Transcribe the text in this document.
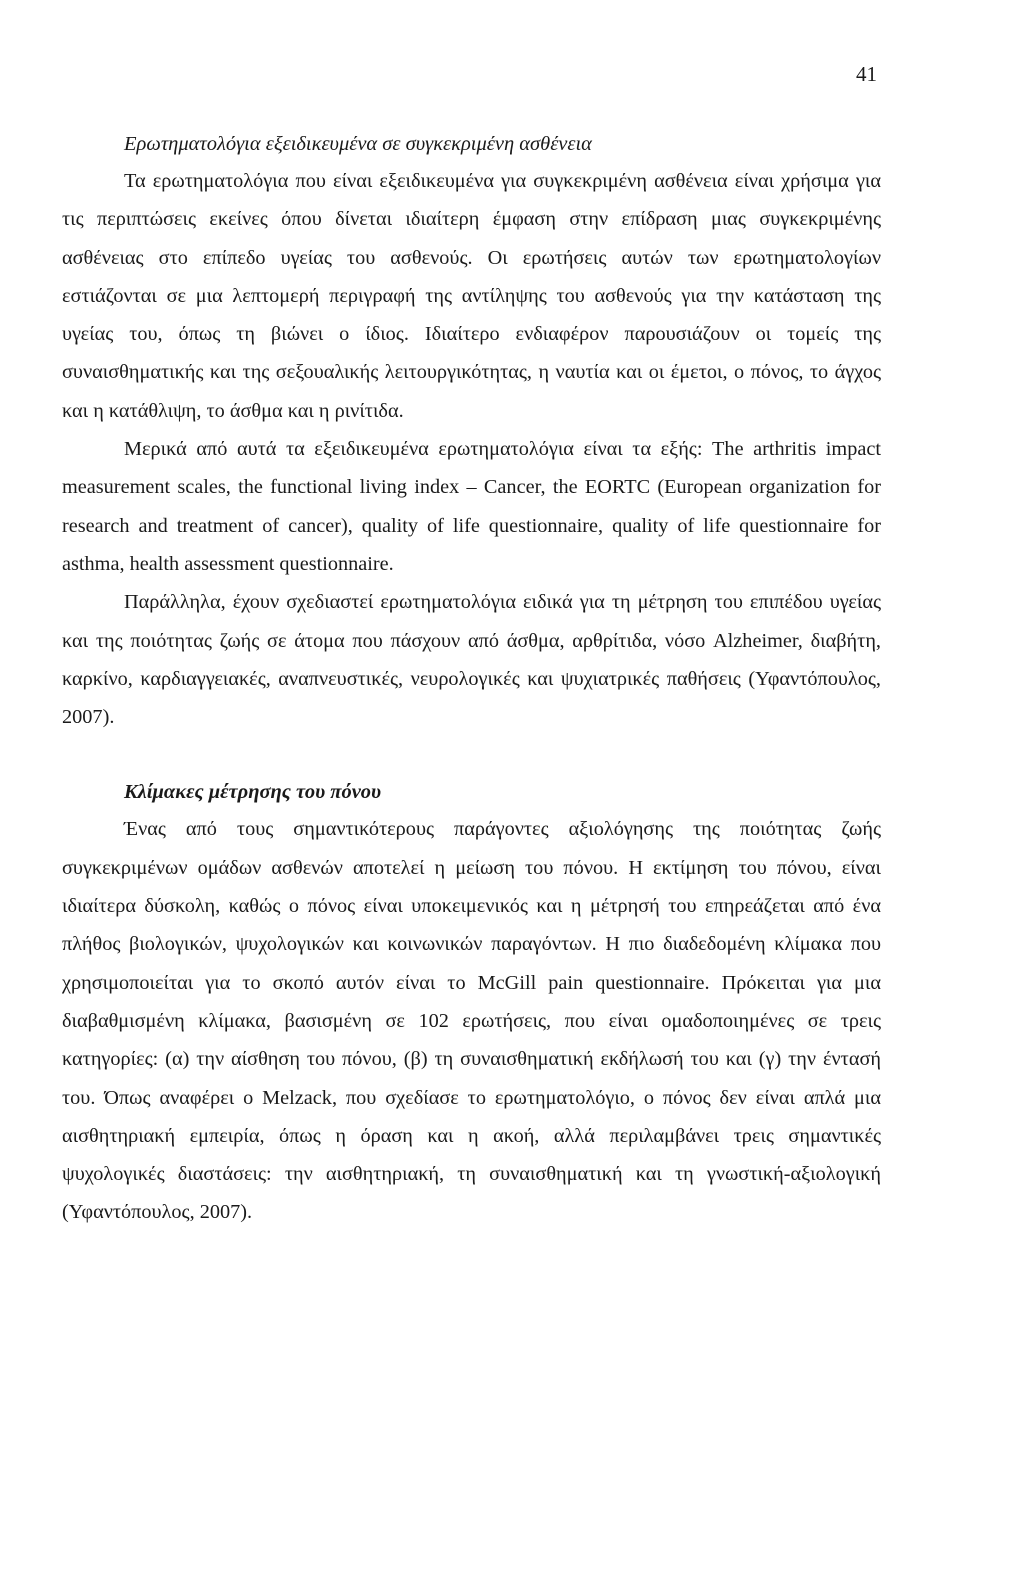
41
Ερωτηματολόγια εξειδικευμένα σε συγκεκριμένη ασθένεια

Τα ερωτηματολόγια που είναι εξειδικευμένα για συγκεκριμένη ασθένεια είναι χρήσιμα για τις περιπτώσεις εκείνες όπου δίνεται ιδιαίτερη έμφαση στην επίδραση μιας συγκεκριμένης ασθένειας στο επίπεδο υγείας του ασθενούς. Οι ερωτήσεις αυτών των ερωτηματολογίων εστιάζονται σε μια λεπτομερή περιγραφή της αντίληψης του ασθενούς για την κατάσταση της υγείας του, όπως τη βιώνει ο ίδιος. Ιδιαίτερο ενδιαφέρον παρουσιάζουν οι τομείς της συναισθηματικής και της σεξουαλικής λειτουργικότητας, η ναυτία και οι έμετοι, ο πόνος, το άγχος και η κατάθλιψη, το άσθμα και η ρινίτιδα.

Μερικά από αυτά τα εξειδικευμένα ερωτηματολόγια είναι τα εξής: The arthritis impact measurement scales, the functional living index – Cancer, the EORTC (European organization for research and treatment of cancer), quality of life questionnaire, quality of life questionnaire for asthma, health assessment questionnaire.

Παράλληλα, έχουν σχεδιαστεί ερωτηματολόγια ειδικά για τη μέτρηση του επιπέδου υγείας και της ποιότητας ζωής σε άτομα που πάσχουν από άσθμα, αρθρίτιδα, νόσο Alzheimer, διαβήτη, καρκίνο, καρδιαγγειακές, αναπνευστικές, νευρολογικές και ψυχιατρικές παθήσεις (Υφαντόπουλος, 2007).

Κλίμακες μέτρησης του πόνου

Ένας από τους σημαντικότερους παράγοντες αξιολόγησης της ποιότητας ζωής συγκεκριμένων ομάδων ασθενών αποτελεί η μείωση του πόνου. Η εκτίμηση του πόνου, είναι ιδιαίτερα δύσκολη, καθώς ο πόνος είναι υποκειμενικός και η μέτρησή του επηρεάζεται από ένα πλήθος βιολογικών, ψυχολογικών και κοινωνικών παραγόντων. Η πιο διαδεδομένη κλίμακα που χρησιμοποιείται για το σκοπό αυτόν είναι το McGill pain questionnaire. Πρόκειται για μια διαβαθμισμένη κλίμακα, βασισμένη σε 102 ερωτήσεις, που είναι ομαδοποιημένες σε τρεις κατηγορίες: (α) την αίσθηση του πόνου, (β) τη συναισθηματική εκδήλωσή του και (γ) την έντασή του. Όπως αναφέρει ο Melzack, που σχεδίασε το ερωτηματολόγιο, ο πόνος δεν είναι απλά μια αισθητηριακή εμπειρία, όπως η όραση και η ακοή, αλλά περιλαμβάνει τρεις σημαντικές ψυχολογικές διαστάσεις: την αισθητηριακή, τη συναισθηματική και τη γνωστική-αξιολογική (Υφαντόπουλος, 2007).
